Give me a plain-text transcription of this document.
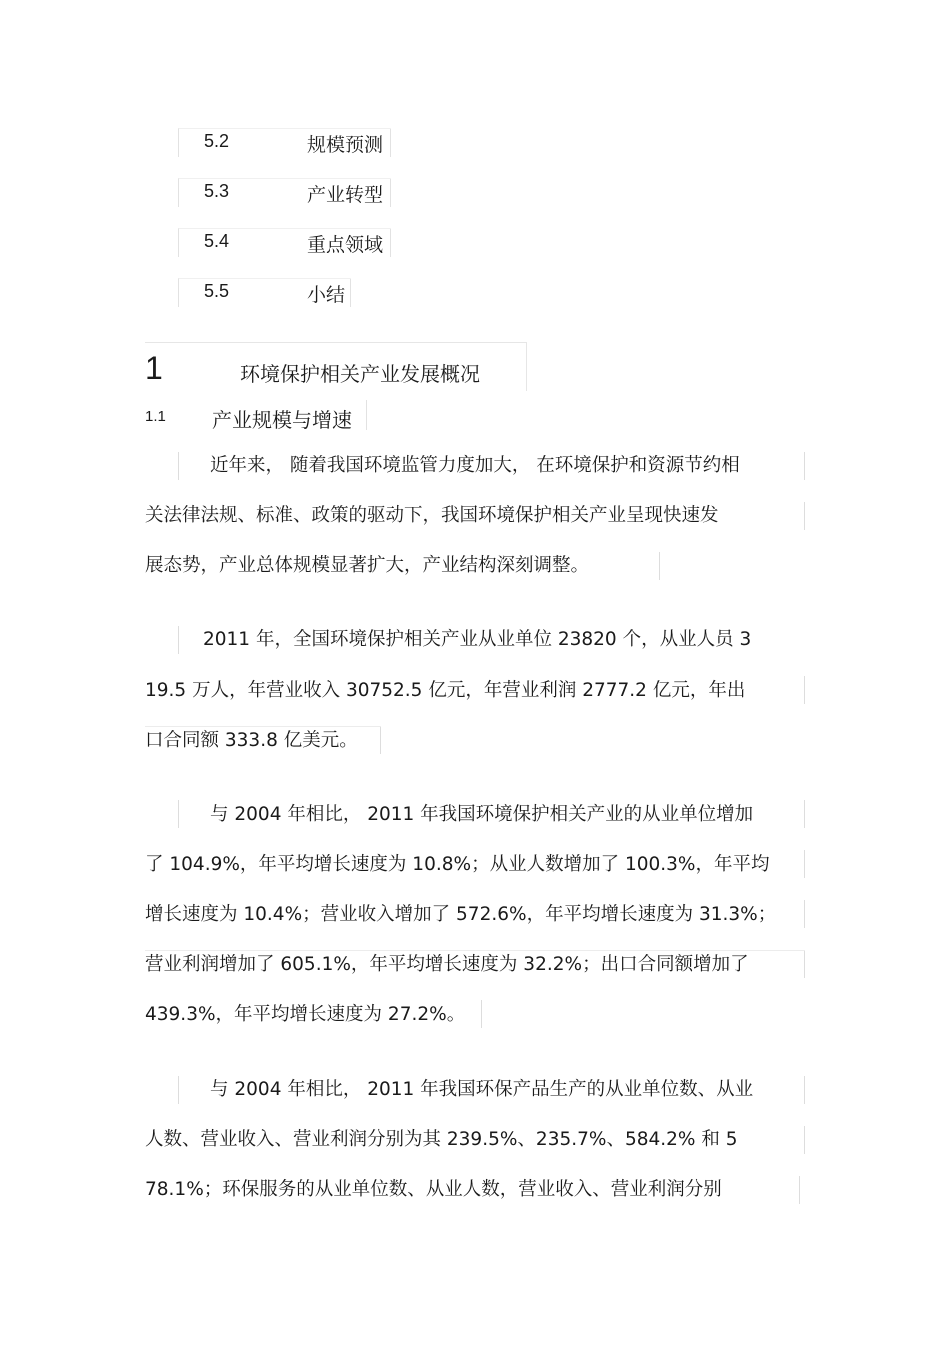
5.2	规模预测
5.3	产业转型
5.4	重点领域
5.5	小结
1	环境保护相关产业发展概况
1.1 产业规模与增速
近年来， 随着我国环境监管力度加大， 在环境保护和资源节约相
关法律法规、标准、政策的驱动下，我国环境保护相关产业呈现快速发
展态势，产业总体规模显著扩大，产业结构深刻调整。
2011 年，全国环境保护相关产业从业单位 23820 个，从业人员 3
19.5 万人，年营业收入 30752.5 亿元，年营业利润 2777.2 亿元，年出
口合同额 333.8 亿美元。
与 2004 年相比， 2011 年我国环境保护相关产业的从业单位增加
了 104.9%，年平均增长速度为 10.8%；从业人数增加了 100.3%，年平均
增长速度为 10.4%；营业收入增加了 572.6%，年平均增长速度为 31.3%；
营业利润增加了 605.1%，年平均增长速度为 32.2%；出口合同额增加了
439.3%，年平均增长速度为 27.2%。
与 2004 年相比， 2011 年我国环保产品生产的从业单位数、从业
人数、营业收入、营业利润分别为其 239.5%、235.7%、584.2% 和 5
78.1%；环保服务的从业单位数、从业人数，营业收入、营业利润分别
